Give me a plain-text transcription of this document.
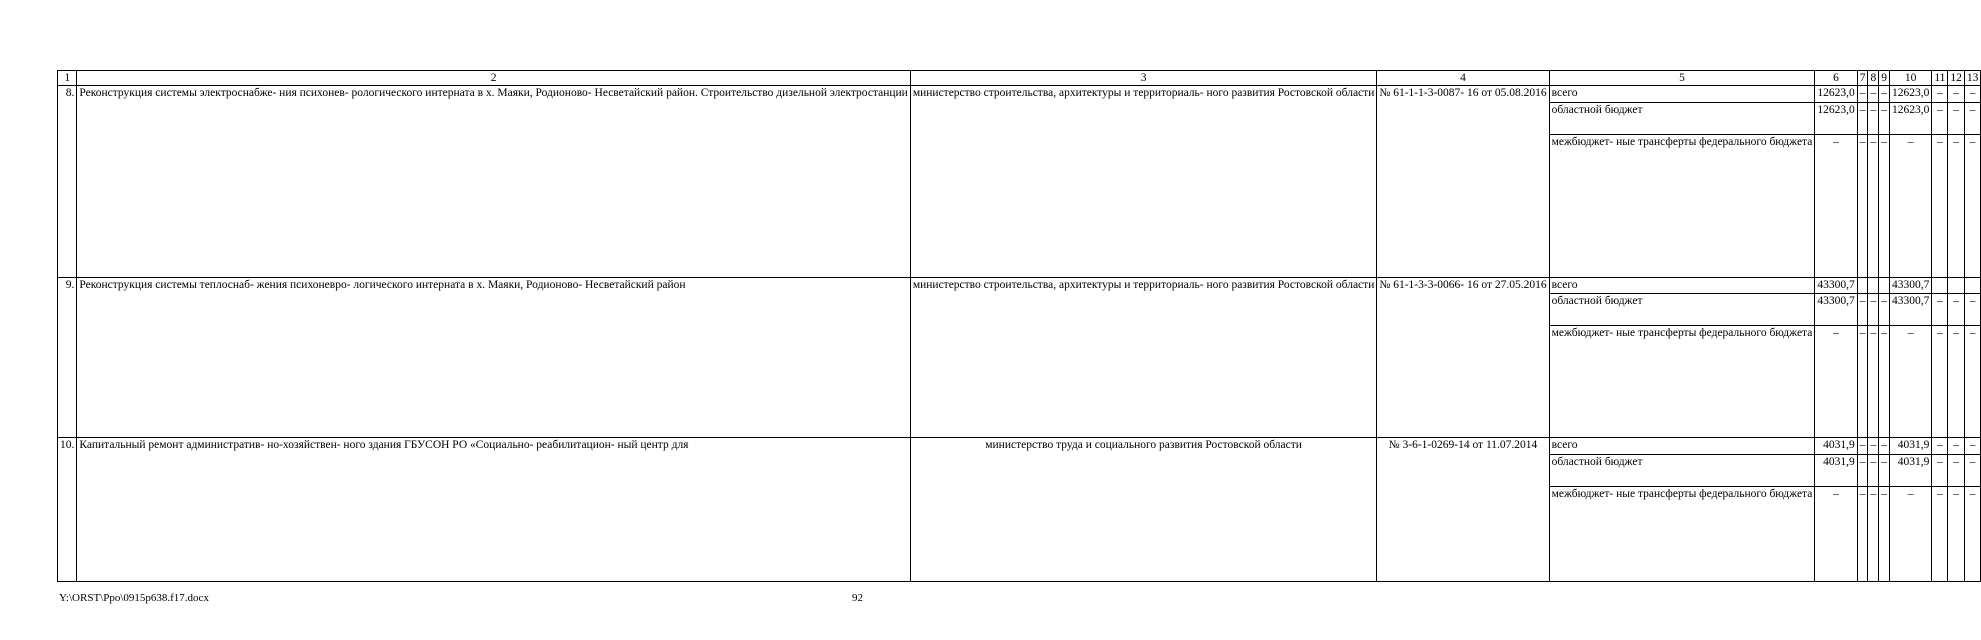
1	2	3	4	5	6	7	8	9	10	11	12	13
8.	Реконструкция системы электроснабже- ния психонев- рологического интерната в х. Маяки, Родионово- Несветайский район. Строительство дизельной электростанции	министерство строительства, архитектуры и территориаль- ного развития Ростовской области	№ 61-1-1-3-0087- 16 от 05.08.2016	всего	12623,0	–	–	–	12623,0	–	–	–
				областной бюджет	12623,0	–	–	–	12623,0	–	–	–
				межбюджет- ные трансферты федерального бюджета	–	–	–	–	–	–	–	–
9.	Реконструкция системы теплоснаб- жения психоневро- логического интерната в х. Маяки, Родионово- Несветайский район	министерство строительства, архитектуры и территориаль- ного развития Ростовской области	№ 61-1-3-3-0066- 16 от 27.05.2016	всего	43300,7				43300,7			
				областной бюджет	43300,7	–	–	–	43300,7	–	–	–
				межбюджет- ные трансферты федерального бюджета	–	–	–	–	–	–	–	–
10.	Капитальный ремонт административ- но-хозяйствен- ного здания ГБУСОН РО «Социально- реабилитацион- ный центр для	министерство труда и социального развития Ростовской области	№ 3-6-1-0269-14 от 11.07.2014	всего	4031,9	–	–	–	4031,9	–	–	–
				областной бюджет	4031,9	–	–	–	4031,9	–	–	–
				межбюджет- ные трансферты федерального бюджета	–	–	–	–	–	–	–	–
Y:\ORST\Ppo\0915p638.f17.docx	92
